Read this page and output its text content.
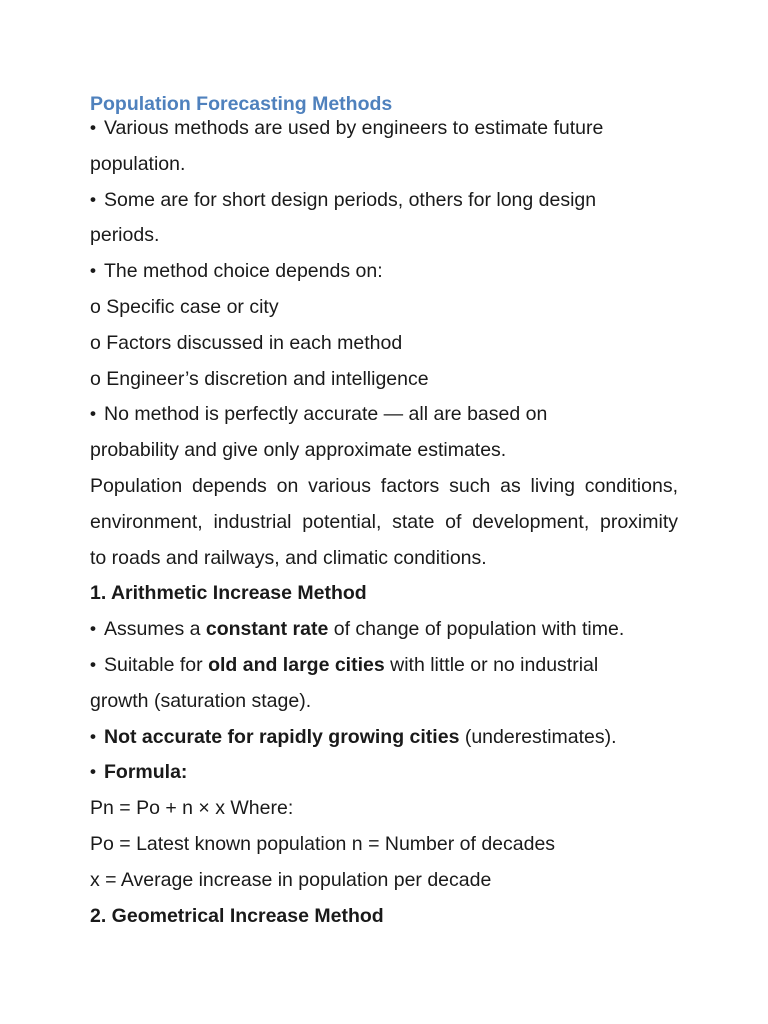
Population Forecasting Methods
• Various methods are used by engineers to estimate future
population.
• Some are for short design periods, others for long design
periods.
• The method choice depends on:
o Specific case or city
o Factors discussed in each method
o Engineer’s discretion and intelligence
• No method is perfectly accurate — all are based on
probability and give only approximate estimates.
Population depends on various factors such as living conditions,
environment, industrial potential, state of development, proximity
to roads and railways, and climatic conditions.
1. Arithmetic Increase Method
• Assumes a constant rate of change of population with time.
• Suitable for old and large cities with little or no industrial
growth (saturation stage).
• Not accurate for rapidly growing cities (underestimates).
• Formula:
Pn = Po + n × x Where:
Po = Latest known population n = Number of decades
x = Average increase in population per decade
2. Geometrical Increase Method
